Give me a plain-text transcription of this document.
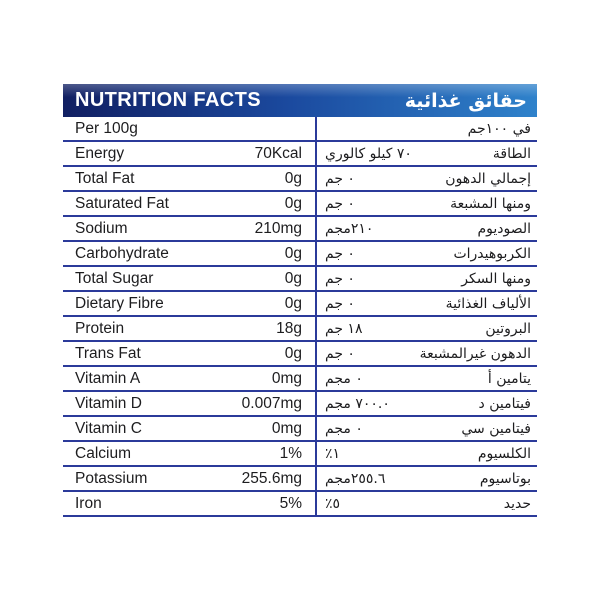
NUTRITION FACTS	حقائق غذائية
Per 100g	في ١٠٠جم
Energy	70Kcal ٧٠ كيلو كالوري	الطاقة
Total Fat	0g ٠ جم	إجمالي الدهون
Saturated Fat	0g ٠ جم	ومنها المشبعة
Sodium	210mg ٢١٠مجم	الصوديوم
Carbohydrate	0g ٠ جم	الكربوهيدرات
Total Sugar	0g ٠ جم	ومنها السكر
Dietary Fibre	0g ٠ جم	الألياف الغذائية
Protein	18g ١٨ جم	البروتين
Trans Fat	0g ٠ جم	الدهون غيرالمشبعة
Vitamin A	0mg ٠ مجم	يتامين أ
Vitamin D	0.007mg ٧٠٠.٠ مجم	فيتامين د
Vitamin C	0mg ٠ مجم	فيتامين سي
Calcium	1% ٪١	الكلسيوم
Potassium	255.6mg ٢٥٥.٦مجم	بوتاسيوم
Iron	5% ٪٥	حديد
